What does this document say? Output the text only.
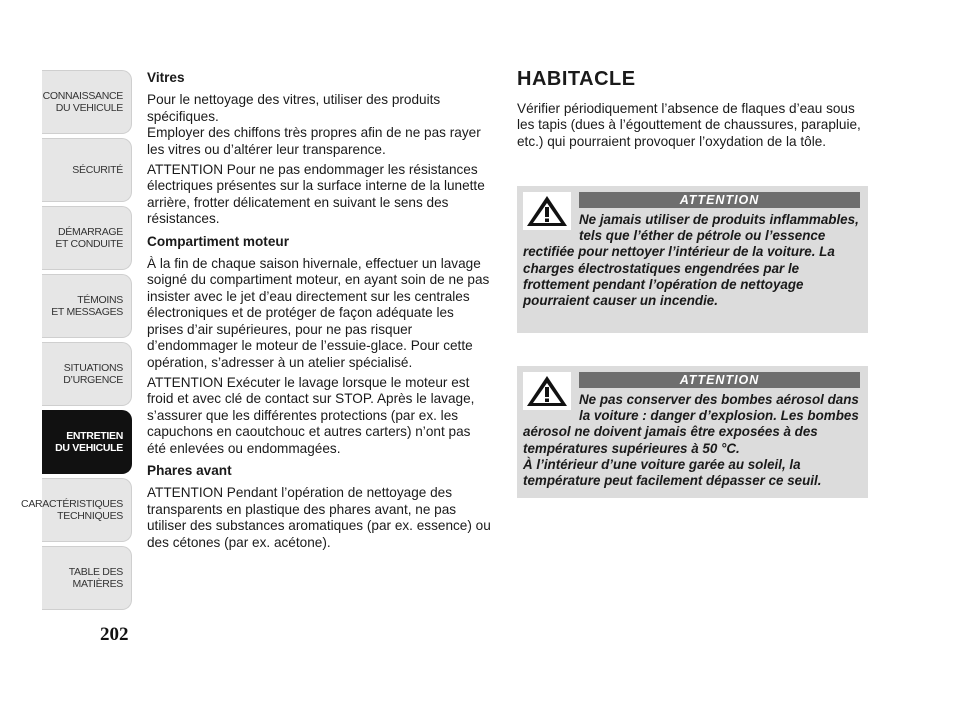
CONNAISSANCE
DU VEHICULE
SÉCURITÉ
DÉMARRAGE
ET CONDUITE
TÉMOINS
ET MESSAGES
SITUATIONS
D’URGENCE
ENTRETIEN
DU VEHICULE
CARACTÉRISTIQUES
TECHNIQUES
TABLE DES
MATIÈRES
202

Vitres

Pour le nettoyage des vitres, utiliser des produits spécifiques.
Employer des chiffons très propres afin de ne pas rayer les vitres ou d’altérer leur transparence.

ATTENTION Pour ne pas endommager les résistances électriques présentes sur la surface interne de la lunette arrière, frotter délicatement en suivant le sens des résistances.

Compartiment moteur

À la fin de chaque saison hivernale, effectuer un lavage soigné du compartiment moteur, en ayant soin de ne pas insister avec le jet d’eau directement sur les centrales électroniques et de protéger de façon adéquate les prises d’air supérieures, pour ne pas risquer d’endommager le moteur de l’essuie-glace. Pour cette opération, s’adresser à un atelier spécialisé.

ATTENTION Exécuter le lavage lorsque le moteur est froid et avec clé de contact sur STOP. Après le lavage, s’assurer que les différentes protections (par ex. les capuchons en caoutchouc et autres carters) n’ont pas été enlevées ou endommagées.

Phares avant

ATTENTION Pendant l’opération de nettoyage des transparents en plastique des phares avant, ne pas utiliser des substances aromatiques (par ex. essence) ou des cétones (par ex. acétone).

HABITACLE

Vérifier périodiquement l’absence de flaques d’eau sous les tapis (dues à l’égouttement de chaussures, parapluie, etc.) qui pourraient provoquer l’oxydation de la tôle.

ATTENTION
Ne jamais utiliser de produits inflammables, tels que l’éther de pétrole ou l’essence rectifiée pour nettoyer l’intérieur de la voiture. La charges électrostatiques engendrées par le frottement pendant l’opération de nettoyage pourraient causer un incendie.
ATTENTION
Ne pas conserver des bombes aérosol dans la voiture : danger d’explosion. Les bombes aérosol ne doivent jamais être exposées à des températures supérieures à 50 °C.
À l’intérieur d’une voiture garée au soleil, la température peut facilement dépasser ce seuil.
